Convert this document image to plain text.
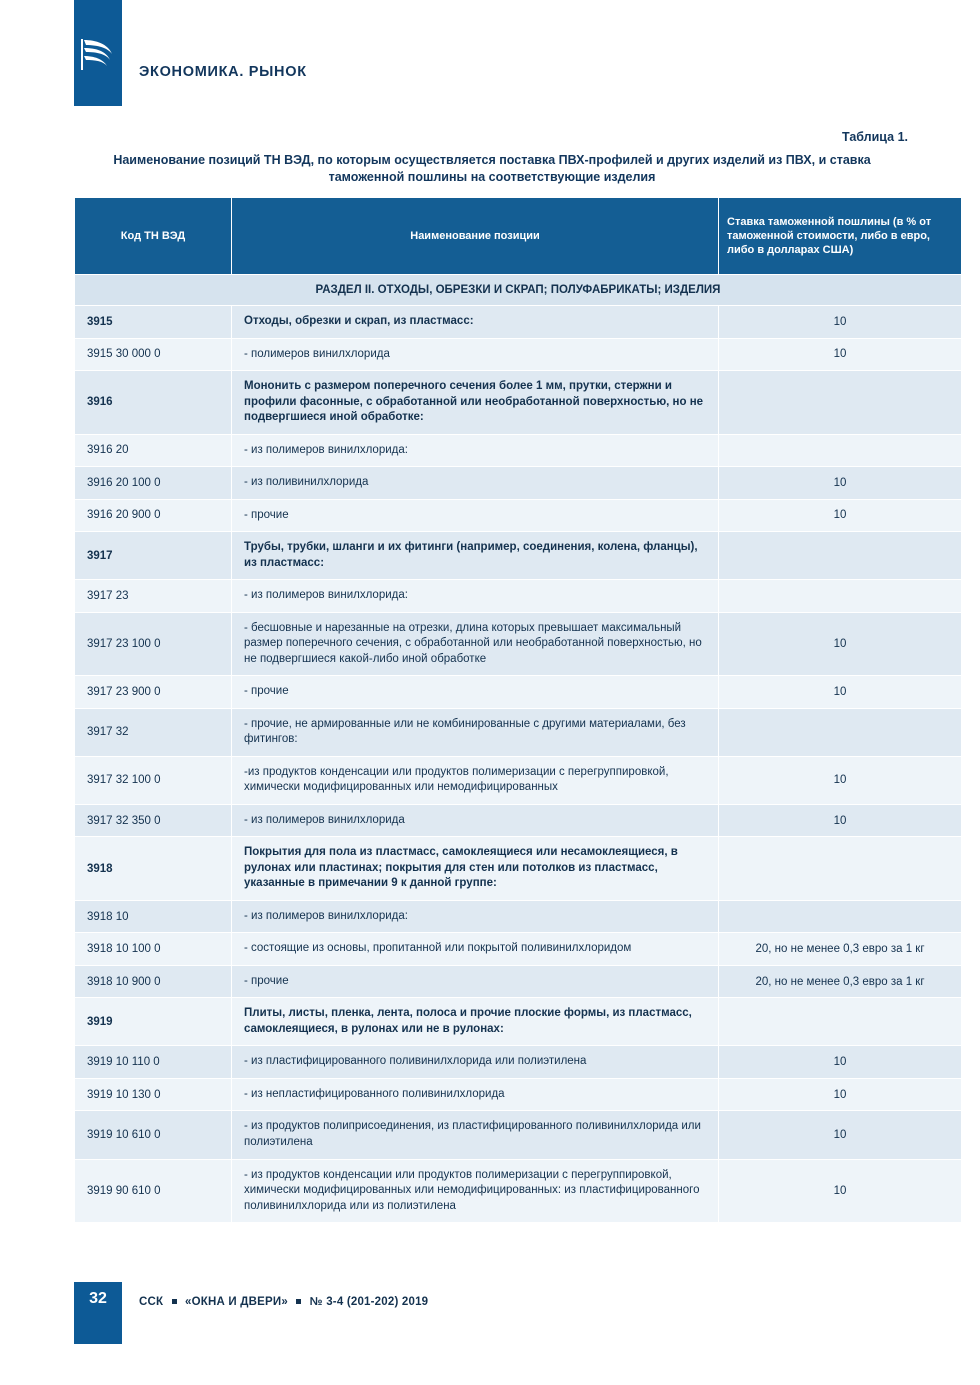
ЭКОНОМИКА. РЫНОК
Таблица 1.
Наименование позиций ТН ВЭД, по которым осуществляется поставка ПВХ-профилей и других изделий из ПВХ, и ставка таможенной пошлины на соответствующие изделия
Код ТН ВЭД	Наименование позиции	Ставка таможенной пошлины (в % от таможенной стоимости, либо в евро, либо в долларах США)
РАЗДЕЛ II. ОТХОДЫ, ОБРЕЗКИ И СКРАП; ПОЛУФАБРИКАТЫ; ИЗДЕЛИЯ		
3915	Отходы, обрезки и скрап, из пластмасс:	10
3915 30 000 0	- полимеров винилхлорида	10
3916	Мононить с размером поперечного сечения более 1 мм, прутки, стержни и профили фасонные, с обработанной или необработанной поверхностью, но не подвергшиеся иной обработке:	
3916 20	- из полимеров винилхлорида:	
3916 20 100 0	- из поливинилхлорида	10
3916 20 900 0	- прочие	10
3917	Трубы, трубки, шланги и их фитинги (например, соединения, колена, фланцы), из пластмасс:	
3917 23	- из полимеров винилхлорида:	
3917 23 100 0	- бесшовные и нарезанные на отрезки, длина которых превышает максимальный размер поперечного сечения, с обработанной или необработанной поверхностью, но не подвергшиеся какой-либо иной обработке	10
3917 23 900 0	- прочие	10
3917 32	- прочие, не армированные или не комбинированные с другими материалами, без фитингов:	
3917 32 100 0	-из продуктов конденсации или продуктов полимеризации с перегруппировкой, химически модифицированных или немодифицированных	10
3917 32 350 0	- из полимеров винилхлорида	10
3918	Покрытия для пола из пластмасс, самоклеящиеся или несамоклеящиеся, в рулонах или пластинах; покрытия для стен или потолков из пластмасс, указанные в примечании 9 к данной группе:	
3918 10	- из полимеров винилхлорида:	
3918 10 100 0	- состоящие из основы, пропитанной или покрытой поливинилхлоридом	20, но не менее 0,3 евро за 1 кг
3918 10 900 0	- прочие	20, но не менее 0,3 евро за 1 кг
3919	Плиты, листы, пленка, лента, полоса и прочие плоские формы, из пластмасс, самоклеящиеся, в рулонах или не в рулонах:	
3919 10 110 0	- из пластифицированного поливинилхлорида или полиэтилена	10
3919 10 130 0	- из непластифицированного поливинилхлорида	10
3919 10 610 0	- из продуктов полиприсоединения, из пластифицированного поливинилхлорида или полиэтилена	10
3919 90 610 0	- из продуктов конденсации или продуктов полимеризации с перегруппировкой, химически модифицированных или немодифицированных: из пластифицированного поливинилхлорида или из полиэтилена	10
32	ССК «ОКНА И ДВЕРИ» № 3-4 (201-202) 2019
